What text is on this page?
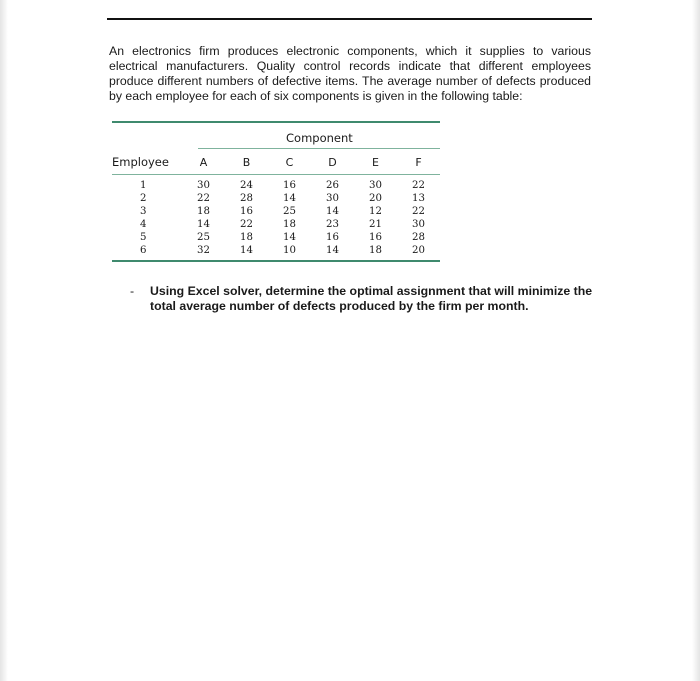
An electronics firm produces electronic components, which it supplies to various electrical manufacturers. Quality control records indicate that different employees produce different numbers of defective items. The average number of defects produced by each employee for each of six components is given in the following table:

Component
Employee	A	B	C	D	E	F
1	30	24	16	26	30	22
2	22	28	14	30	20	13
3	18	16	25	14	12	22
4	14	22	18	23	21	30
5	25	18	14	16	16	28
6	32	14	10	14	18	20
- Using Excel solver, determine the optimal assignment that will minimize the total average number of defects produced by the firm per month.
